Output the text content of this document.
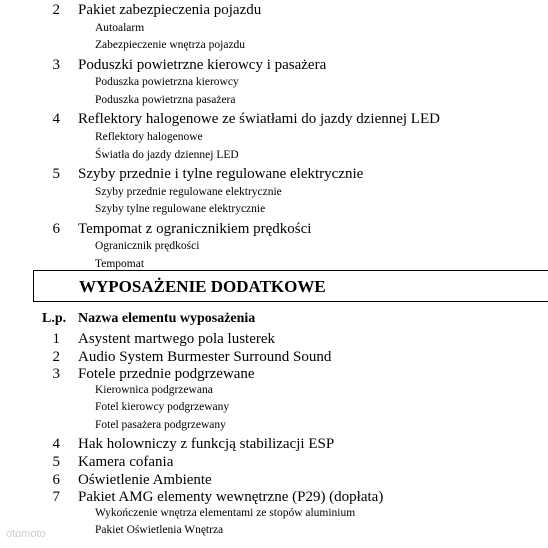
2 Pakiet zabezpieczenia pojazdu
Autoalarm
Zabezpieczenie wnętrza pojazdu
3 Poduszki powietrzne kierowcy i pasażera
Poduszka powietrzna kierowcy
Poduszka powietrzna pasażera
4 Reflektory halogenowe ze światłami do jazdy dziennej LED
Reflektory halogenowe
Światła do jazdy dziennej LED
5 Szyby przednie i tylne regulowane elektrycznie
Szyby przednie regulowane elektrycznie
Szyby tylne regulowane elektrycznie
6 Tempomat z ogranicznikiem prędkości
Ogranicznik prędkości
Tempomat
WYPOSAŻENIE DODATKOWE
L.p. Nazwa elementu wyposażenia
1 Asystent martwego pola lusterek
2 Audio System Burmester Surround Sound
3 Fotele przednie podgrzewane
Kierownica podgrzewana
Fotel kierowcy podgrzewany
Fotel pasażera podgrzewany
4 Hak holowniczy z funkcją stabilizacji ESP
5 Kamera cofania
6 Oświetlenie Ambiente
7 Pakiet AMG elementy wewnętrzne (P29) (dopłata)
Wykończenie wnętrza elementami ze stopów aluminium
Pakiet Oświetlenia Wnętrza
otomoto
